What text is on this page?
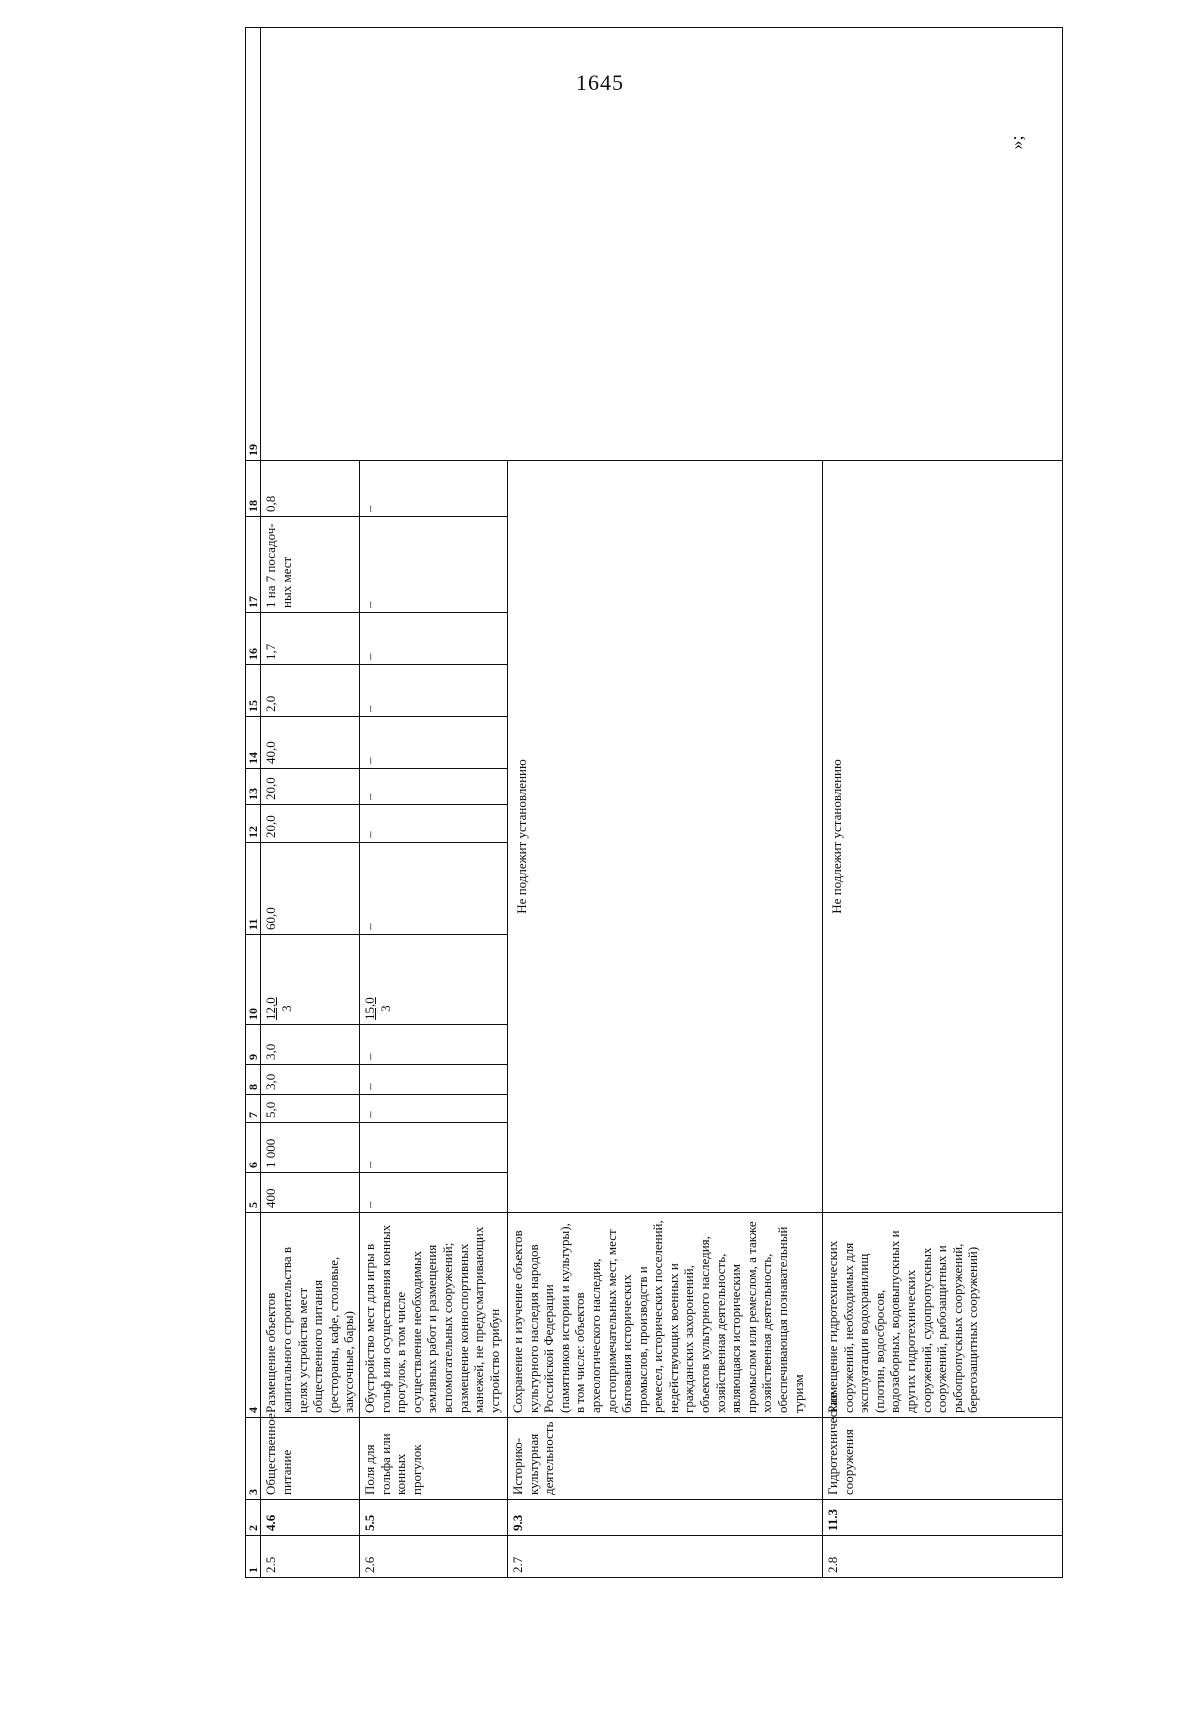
1645
1	2	3	4	5	6	7	8	9	10	11	12	13	14	15	16	17	18	19
2.5	4.6	Общественное питание	Размещение объектов капитального строительства в целях устройства мест общественного питания (рестораны, кафе, столовые, закусочные, бары)	400	1 000	5,0	3,0	3,0	12,0 3	60,0	20,0	20,0	40,0	2,0	1,7	1 на 7 посадоч-ных мест	0,8	
2.6	5.5	Поля для гольфа или конных прогулок	Обустройство мест для игры в гольф или осуществления конных прогулок, в том числе осуществление необходимых земляных работ и размещения вспомогательных сооружений; размещение конноспортивных манежей, не предусматривающих устройство трибун	–	–	–	–	–	15,0 3	–	–	–	–	–	–	–	–	
2.7	9.3	Историко-культурная деятельность	Сохранение и изучение объектов культурного наследия народов Российской Федерации (памятников истории и культуры), в том числе: объектов археологического наследия, достопримечательных мест, мест бытования исторических промыслов, производств и ремесел, исторических поселений, недействующих военных и гражданских захоронений, объектов культурного наследия, хозяйственная деятельность, являющаяся историческим промыслом или ремеслом, а также хозяйственная деятельность, обеспечивающая познавательный туризм	Не подлежит установлению														

2.8	11.3	Гидротехнические сооружения	Размещение гидротехнических сооружений, необходимых для эксплуатации водохранилищ (плотин, водосбросов, водозаборных, водовыпускных и других гидротехнических сооружений, судопропускных сооружений, рыбозащитных и рыбопропускных сооружений, берегозащитных сооружений)	Не подлежит установлению														
»;
